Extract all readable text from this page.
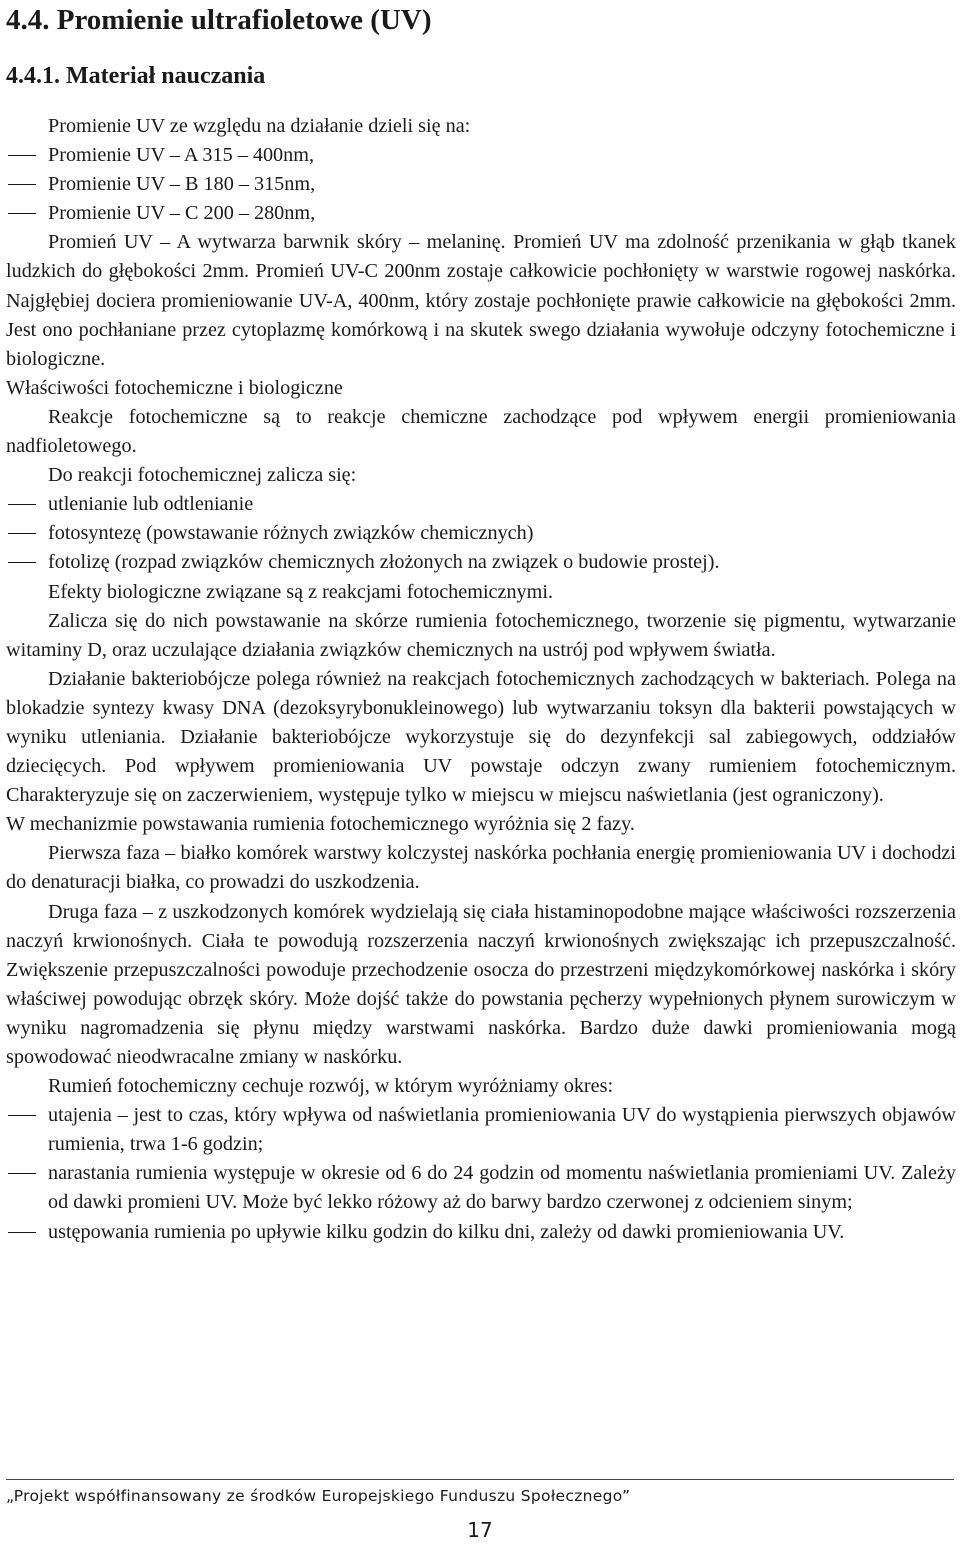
4.4. Promienie ultrafioletowe (UV)
4.4.1. Materiał nauczania

Promienie UV ze względu na działanie dzieli się na:

Promienie UV – A 315 – 400nm,

Promienie UV – B 180 – 315nm,

Promienie UV – C 200 – 280nm,

Promień UV – A wytwarza barwnik skóry – melaninę. Promień UV ma zdolność przenikania w głąb tkanek ludzkich do głębokości 2mm. Promień UV-C 200nm zostaje całkowicie pochłonięty w warstwie rogowej naskórka. Najgłębiej dociera promieniowanie UV-A, 400nm, który zostaje pochłonięte prawie całkowicie na głębokości 2mm. Jest ono pochłaniane przez cytoplazmę komórkową i na skutek swego działania wywołuje odczyny fotochemiczne i biologiczne.

Właściwości fotochemiczne i biologiczne

Reakcje fotochemiczne są to reakcje chemiczne zachodzące pod wpływem energii promieniowania nadfioletowego.

Do reakcji fotochemicznej zalicza się:

utlenianie lub odtlenianie

fotosyntezę (powstawanie różnych związków chemicznych)

fotolizę (rozpad związków chemicznych złożonych na związek o budowie prostej).

Efekty biologiczne związane są z reakcjami fotochemicznymi.

Zalicza się do nich powstawanie na skórze rumienia fotochemicznego, tworzenie się pigmentu, wytwarzanie witaminy D, oraz uczulające działania związków chemicznych na ustrój pod wpływem światła.

Działanie bakteriobójcze polega również na reakcjach fotochemicznych zachodzących w bakteriach. Polega na blokadzie syntezy kwasy DNA (dezoksyrybonukleinowego) lub wytwarzaniu toksyn dla bakterii powstających w wyniku utleniania. Działanie bakteriobójcze wykorzystuje się do dezynfekcji sal zabiegowych, oddziałów dziecięcych. Pod wpływem promieniowania UV powstaje odczyn zwany rumieniem fotochemicznym. Charakteryzuje się on zaczerwieniem, występuje tylko w miejscu w miejscu naświetlania (jest ograniczony).

W mechanizmie powstawania rumienia fotochemicznego wyróżnia się 2 fazy.

Pierwsza faza – białko komórek warstwy kolczystej naskórka pochłania energię promieniowania UV i dochodzi do denaturacji białka, co prowadzi do uszkodzenia.

Druga faza – z uszkodzonych komórek wydzielają się ciała histaminopodobne mające właściwości rozszerzenia naczyń krwionośnych. Ciała te powodują rozszerzenia naczyń krwionośnych zwiększając ich przepuszczalność. Zwiększenie przepuszczalności powoduje przechodzenie osocza do przestrzeni międzykomórkowej naskórka i skóry właściwej powodując obrzęk skóry. Może dojść także do powstania pęcherzy wypełnionych płynem surowiczym w wyniku nagromadzenia się płynu między warstwami naskórka. Bardzo duże dawki promieniowania mogą spowodować nieodwracalne zmiany w naskórku.

Rumień fotochemiczny cechuje rozwój, w którym wyróżniamy okres:

utajenia – jest to czas, który wpływa od naświetlania promieniowania UV do wystąpienia pierwszych objawów rumienia, trwa 1-6 godzin;

narastania rumienia występuje w okresie od 6 do 24 godzin od momentu naświetlania promieniami UV. Zależy od dawki promieni UV. Może być lekko różowy aż do barwy bardzo czerwonej z odcieniem sinym;

ustępowania rumienia po upływie kilku godzin do kilku dni, zależy od dawki promieniowania UV.

„Projekt współfinansowany ze środków Europejskiego Funduszu Społecznego”
17
